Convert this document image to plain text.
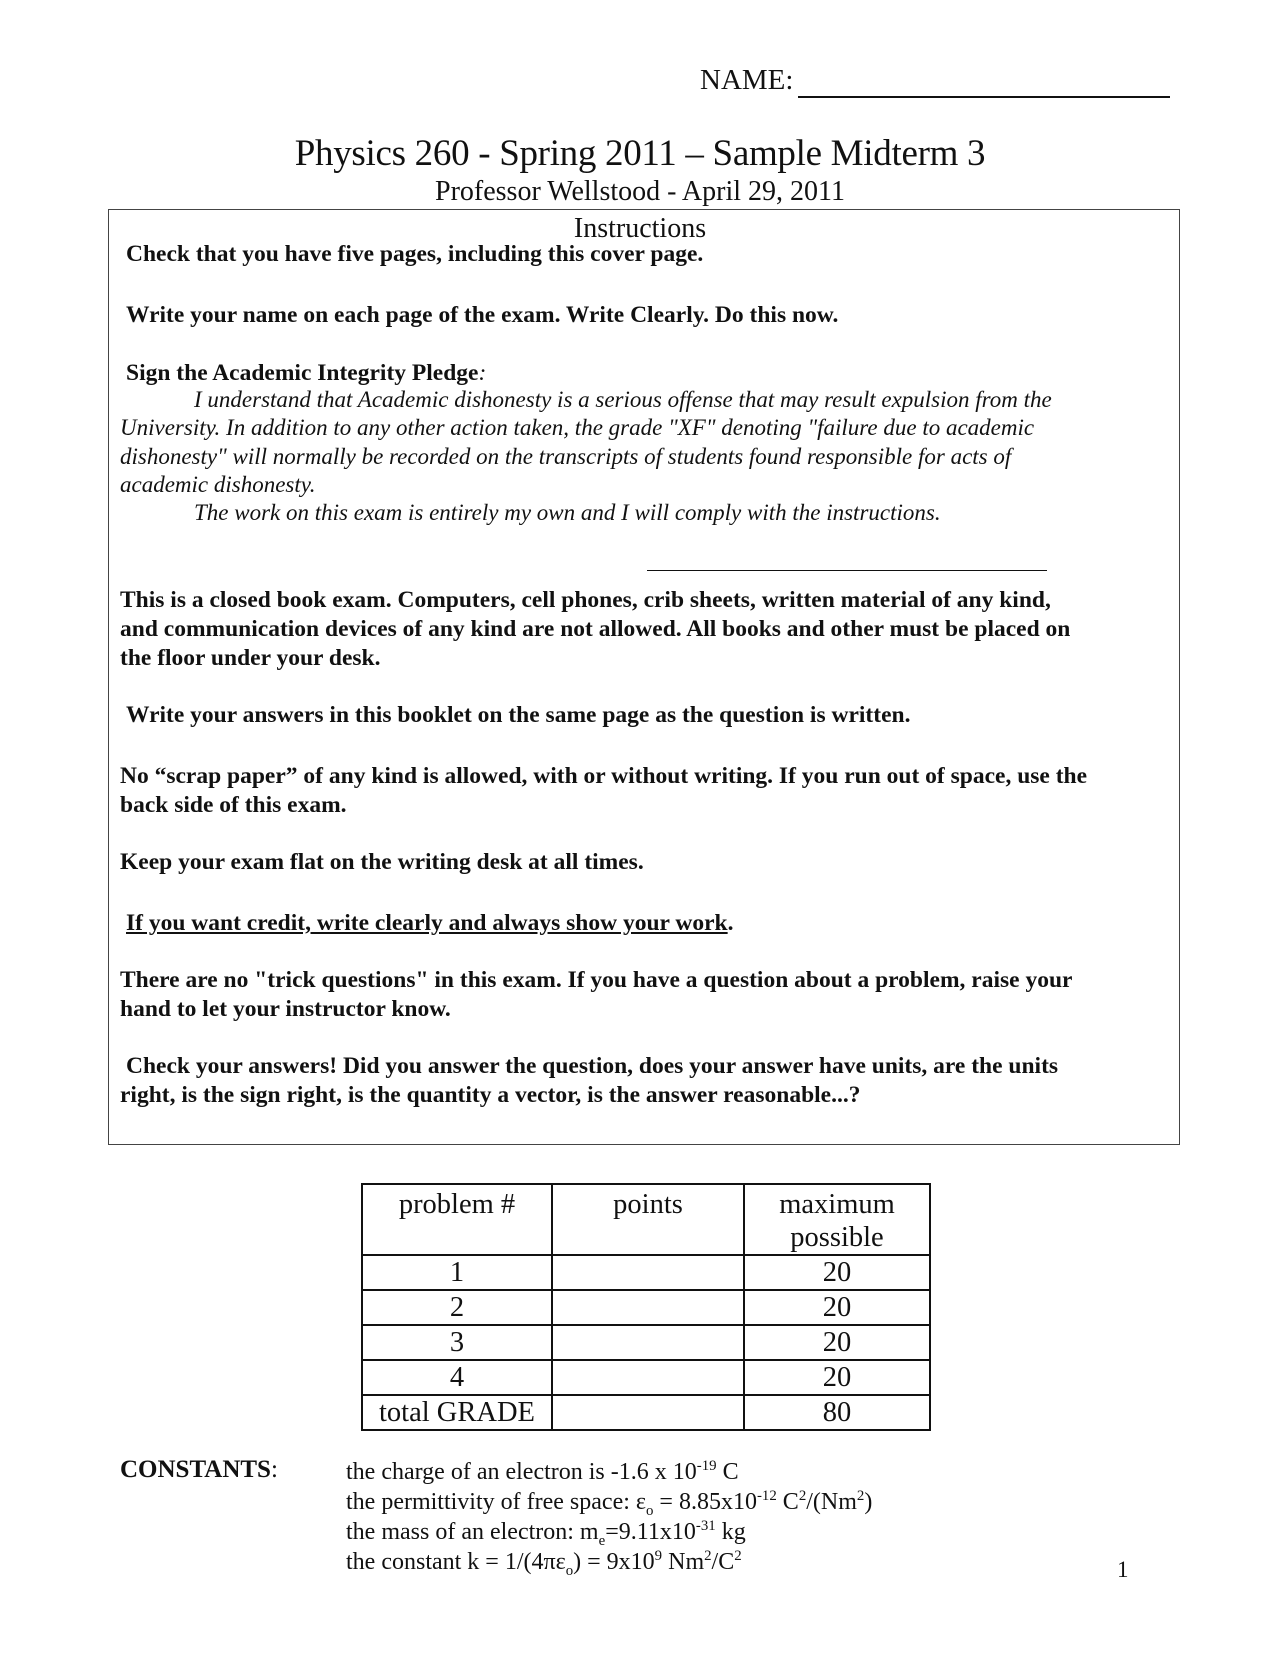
NAME:
Physics 260 - Spring 2011 – Sample Midterm 3
Professor Wellstood - April 29, 2011
Instructions
Check that you have five pages, including this cover page.
Write your name on each page of the exam. Write Clearly. Do this now.
Sign the Academic Integrity Pledge:
I understand that Academic dishonesty is a serious offense that may result expulsion from the
University. In addition to any other action taken, the grade "XF" denoting "failure due to academic
dishonesty" will normally be recorded on the transcripts of students found responsible for acts of
academic dishonesty.
The work on this exam is entirely my own and I will comply with the instructions.
This is a closed book exam. Computers, cell phones, crib sheets, written material of any kind,
and communication devices of any kind are not allowed. All books and other must be placed on
the floor under your desk.
Write your answers in this booklet on the same page as the question is written.
No “scrap paper” of any kind is allowed, with or without writing. If you run out of space, use the
back side of this exam.
Keep your exam flat on the writing desk at all times.
If you want credit, write clearly and always show your work.
There are no "trick questions" in this exam. If you have a question about a problem, raise your
hand to let your instructor know.
Check your answers! Did you answer the question, does your answer have units, are the units
right, is the sign right, is the quantity a vector, is the answer reasonable...?
problem #	points	maximum
possible
1		20
2		20
3		20
4		20
total GRADE		80
CONSTANTS:	the charge of an electron is -1.6 x $10^{-19}$ C
the permittivity of free space: $\varepsilon_o = 8.85x10^{-12}$ $C^2/(Nm^2)$
the mass of an electron: $m_e=9.11x10^{-31}$ kg
the constant $k = 1/(4\pi\varepsilon_o) = 9x10^9$ $Nm^2/C^2$
1
